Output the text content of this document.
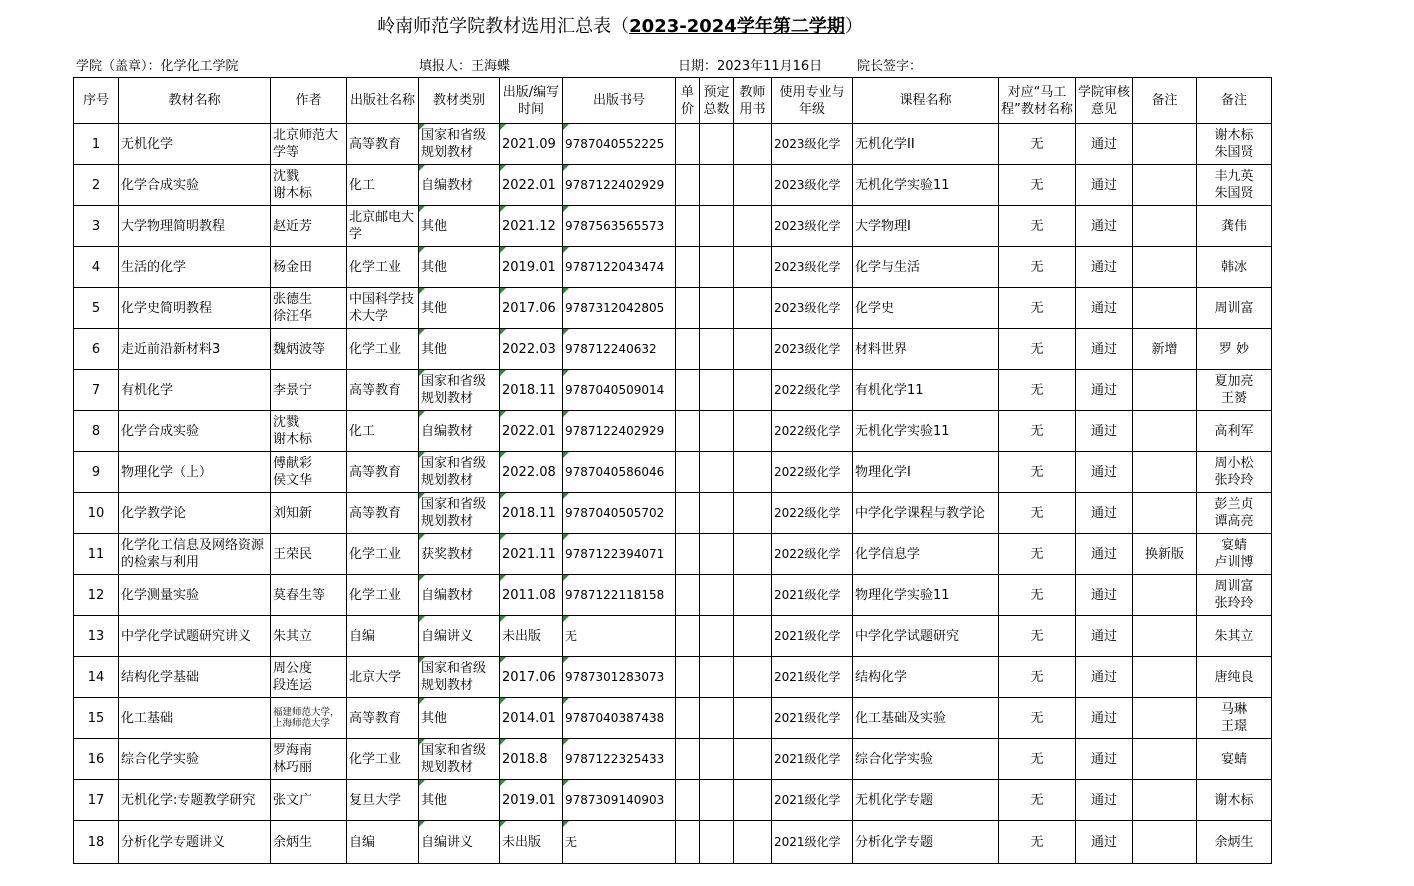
岭南师范学院教材选用汇总表（2023-2024学年第二学期）
学院（盖章）：化学化工学院	填报人：王海蝶	日期：2023年11月16日	院长签字：
序号	教材名称	作者	出版社名称	教材类别	出版/编写时间	出版书号	单价	预定总数	教师用书	使用专业与年级	课程名称	对应“马工程”教材名称	学院审核意见	备注	备注
1	无机化学	北京师范大学等	高等教育	国家和省级规划教材	2021.09	9787040552225				2023级化学	无机化学II	无	通过		谢木标
朱国贤
2	化学合成实验	沈戮
谢木标	化工	自编教材	2022.01	9787122402929				2023级化学	无机化学实验11	无	通过		丰九英
朱国贤
3	大学物理简明教程	赵近芳	北京邮电大学	其他	2021.12	9787563565573				2023级化学	大学物理Ⅰ	无	通过		龚伟
4	生活的化学	杨金田	化学工业	其他	2019.01	9787122043474				2023级化学	化学与生活	无	通过		韩冰
5	化学史简明教程	张德生
徐汪华	中国科学技术大学	其他	2017.06	9787312042805				2023级化学	化学史	无	通过		周训富
6	走近前沿新材料3	魏炳波等	化学工业	其他	2022.03	978712240632				2023级化学	材料世界	无	通过	新增	罗 妙
7	有机化学	李景宁	高等教育	国家和省级规划教材	2018.11	9787040509014				2022级化学	有机化学11	无	通过		夏加亮
王赟
8	化学合成实验	沈戮
谢木标	化工	自编教材	2022.01	9787122402929				2022级化学	无机化学实验11	无	通过		高利军
9	物理化学（上）	傅献彩
侯文华	高等教育	国家和省级规划教材	2022.08	9787040586046				2022级化学	物理化学I	无	通过		周小松
张玲玲
10	化学教学论	刘知新	高等教育	国家和省级规划教材	2018.11	9787040505702				2022级化学	中学化学课程与教学论	无	通过		彭兰贞
谭高亮
11	化学化工信息及网络资源的检索与利用	王荣民	化学工业	获奖教材	2021.11	9787122394071				2022级化学	化学信息学	无	通过	换新版	宴蜻
卢训博
12	化学测量实验	莫春生等	化学工业	自编教材	2011.08	9787122118158				2021级化学	物理化学实验11	无	通过		周训富
张玲玲
13	中学化学试题研究讲义	朱其立	自编	自编讲义	未出版	无				2021级化学	中学化学试题研究	无	通过		朱其立
14	结构化学基础	周公度
段连运	北京大学	国家和省级规划教材	2017.06	9787301283073				2021级化学	结构化学	无	通过		唐纯良
15	化工基础	福建师范大学，上海师范大学	高等教育	其他	2014.01	9787040387438				2021级化学	化工基础及实验	无	通过		马琳
王璟
16	综合化学实验	罗海南
林巧丽	化学工业	国家和省级规划教材	2018.8	9787122325433				2021级化学	综合化学实验	无	通过		宴蜻
17	无机化学:专题教学研究	张文广	复旦大学	其他	2019.01	9787309140903				2021级化学	无机化学专题	无	通过		谢木标
18	分析化学专题讲义	余炳生	自编	自编讲义	未出版	无				2021级化学	分析化学专题	无	通过		余炳生
